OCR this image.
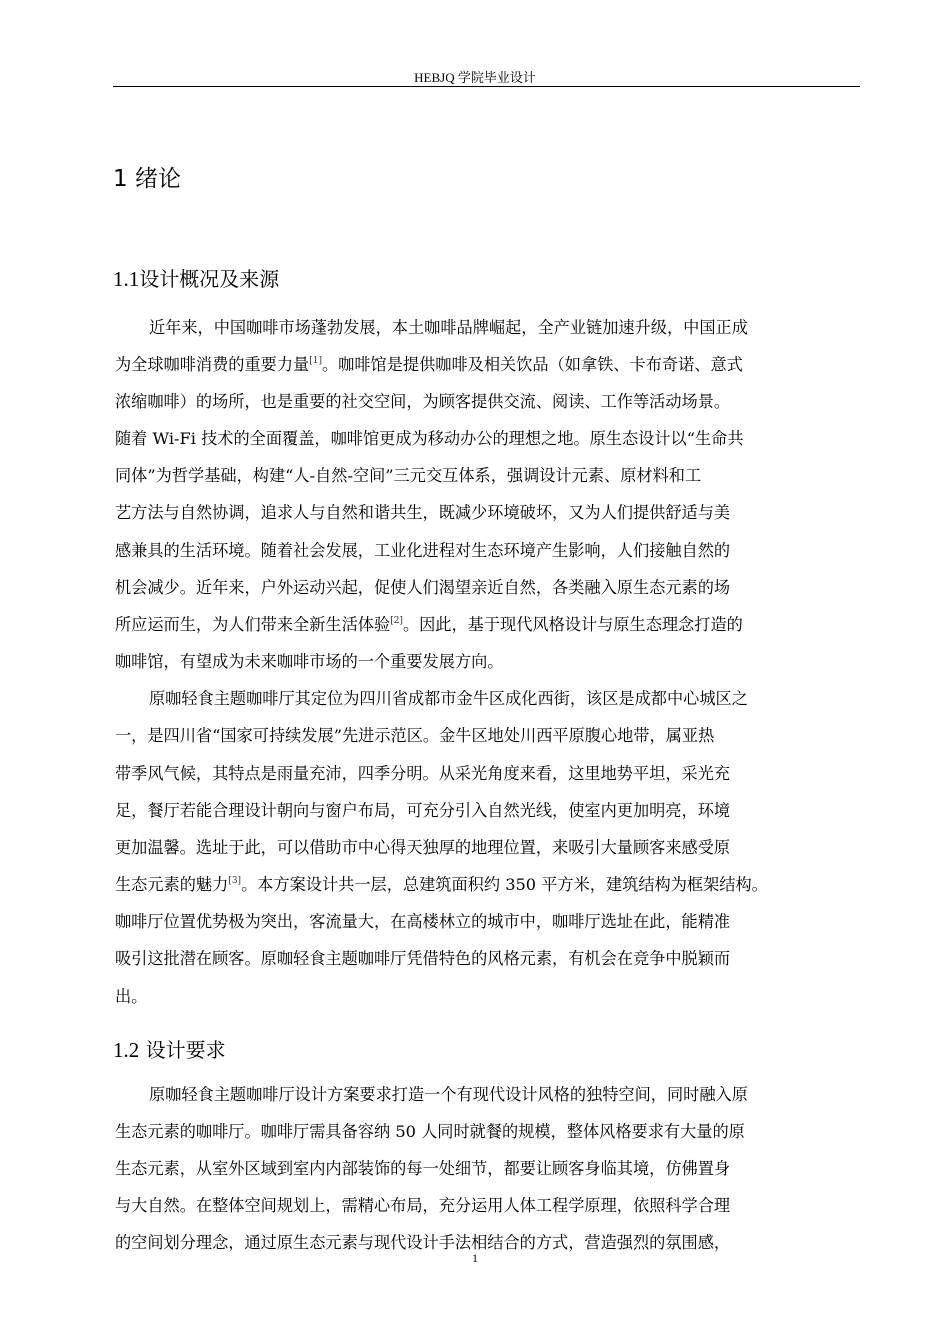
HEBJQ 学院毕业设计
1 绪论
1.1设计概况及来源
近年来，中国咖啡市场蓬勃发展，本土咖啡品牌崛起，全产业链加速升级，中国正成
为全球咖啡消费的重要力量[1]。咖啡馆是提供咖啡及相关饮品（如拿铁、卡布奇诺、意式
浓缩咖啡）的场所，也是重要的社交空间，为顾客提供交流、阅读、工作等活动场景。
随着 Wi-Fi 技术的全面覆盖，咖啡馆更成为移动办公的理想之地。原生态设计以“生命共
同体”为哲学基础，构建“人-自然-空间”三元交互体系，强调设计元素、原材料和工
艺方法与自然协调，追求人与自然和谐共生，既减少环境破坏，又为人们提供舒适与美
感兼具的生活环境。随着社会发展，工业化进程对生态环境产生影响，人们接触自然的
机会减少。近年来，户外运动兴起，促使人们渴望亲近自然，各类融入原生态元素的场
所应运而生，为人们带来全新生活体验[2]。因此，基于现代风格设计与原生态理念打造的
咖啡馆，有望成为未来咖啡市场的一个重要发展方向。
原咖轻食主题咖啡厅其定位为四川省成都市金牛区成化西街，该区是成都中心城区之
一，是四川省“国家可持续发展”先进示范区。金牛区地处川西平原腹心地带，属亚热
带季风气候，其特点是雨量充沛，四季分明。从采光角度来看，这里地势平坦，采光充
足，餐厅若能合理设计朝向与窗户布局，可充分引入自然光线，使室内更加明亮，环境
更加温馨。选址于此，可以借助市中心得天独厚的地理位置，来吸引大量顾客来感受原
生态元素的魅力[3]。本方案设计共一层，总建筑面积约 350 平方米，建筑结构为框架结构。
咖啡厅位置优势极为突出，客流量大，在高楼林立的城市中，咖啡厅选址在此，能精准
吸引这批潜在顾客。原咖轻食主题咖啡厅凭借特色的风格元素，有机会在竞争中脱颖而
出。
1.2 设计要求
原咖轻食主题咖啡厅设计方案要求打造一个有现代设计风格的独特空间，同时融入原
生态元素的咖啡厅。咖啡厅需具备容纳 50 人同时就餐的规模，整体风格要求有大量的原
生态元素，从室外区域到室内内部装饰的每一处细节，都要让顾客身临其境，仿佛置身
与大自然。在整体空间规划上，需精心布局，充分运用人体工程学原理，依照科学合理
的空间划分理念，通过原生态元素与现代设计手法相结合的方式，营造强烈的氛围感，
1
